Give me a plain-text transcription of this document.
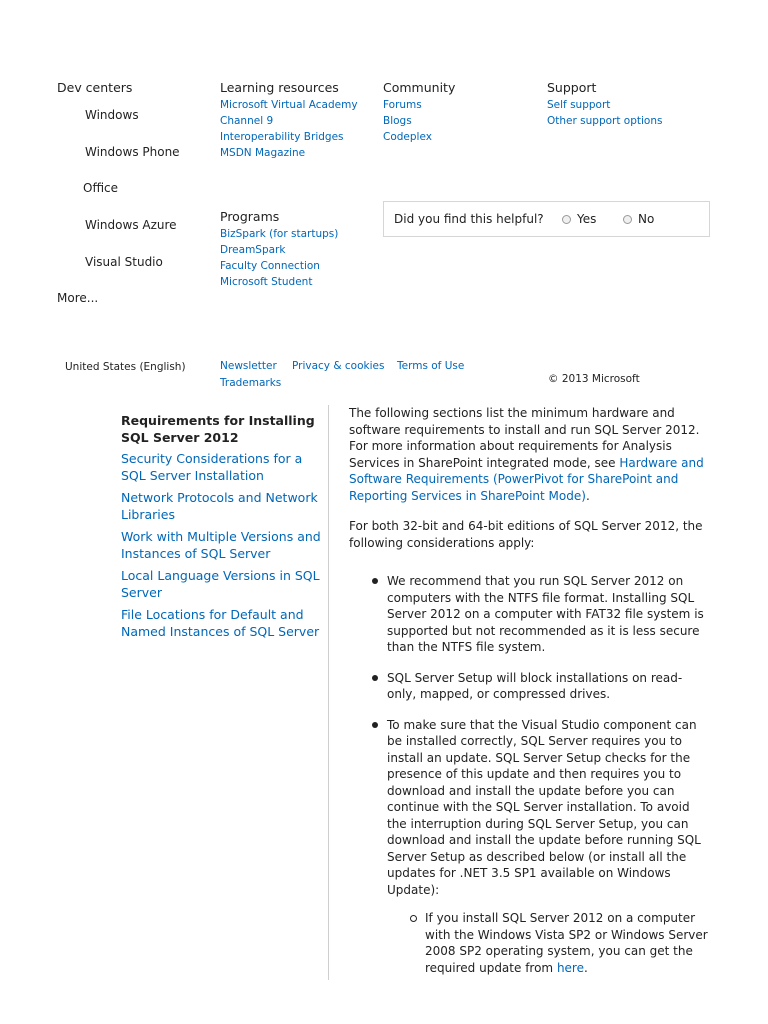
Dev centers
Windows
Windows Phone
Office
Windows Azure
Visual Studio
More...
Learning resources
Microsoft Virtual Academy
Channel 9
Interoperability Bridges
MSDN Magazine
Programs
BizSpark (for startups)
DreamSpark
Faculty Connection
Microsoft Student
Community
Forums
Blogs
Codeplex
Support
Self support
Other support options
Did you find this helpful?	Yes	No
United States (English)	Newsletter Privacy & cookies Terms of Use
Trademarks	© 2013 Microsoft
Requirements for Installing SQL Server 2012
Security Considerations for a SQL Server Installation
Network Protocols and Network Libraries
Work with Multiple Versions and Instances of SQL Server
Local Language Versions in SQL Server
File Locations for Default and Named Instances of SQL Server

The following sections list the minimum hardware and software requirements to install and run SQL Server 2012. For more information about requirements for Analysis Services in SharePoint integrated mode, see Hardware and Software Requirements (PowerPivot for SharePoint and Reporting Services in SharePoint Mode).

For both 32-bit and 64-bit editions of SQL Server 2012, the following considerations apply:

We recommend that you run SQL Server 2012 on computers with the NTFS file format. Installing SQL Server 2012 on a computer with FAT32 file system is supported but not recommended as it is less secure than the NTFS file system.
SQL Server Setup will block installations on read-only, mapped, or compressed drives.
To make sure that the Visual Studio component can be installed correctly, SQL Server requires you to install an update. SQL Server Setup checks for the presence of this update and then requires you to download and install the update before you can continue with the SQL Server installation. To avoid the interruption during SQL Server Setup, you can download and install the update before running SQL Server Setup as described below (or install all the updates for .NET 3.5 SP1 available on Windows Update):
If you install SQL Server 2012 on a computer with the Windows Vista SP2 or Windows Server 2008 SP2 operating system, you can get the required update from here.
